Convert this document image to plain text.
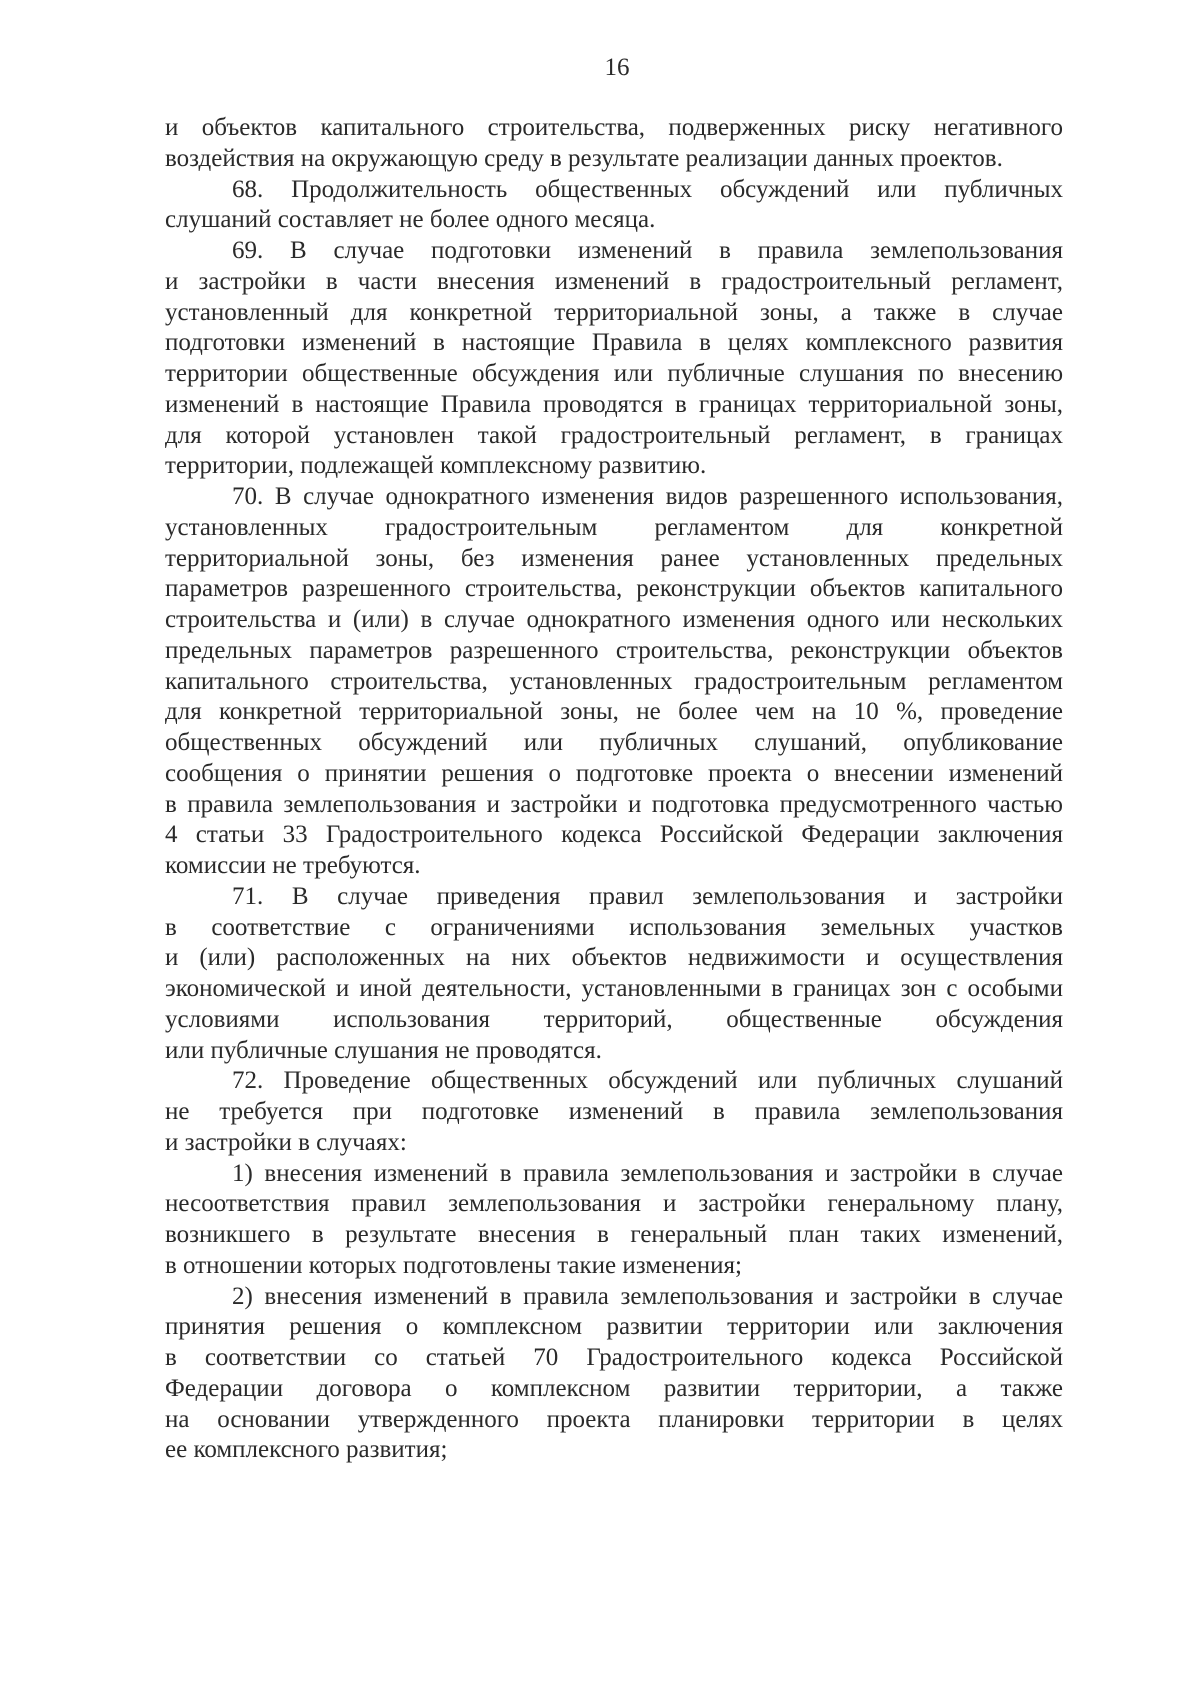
16
и объектов капитального строительства, подверженных риску негативного
воздействия на окружающую среду в результате реализации данных проектов.
68. Продолжительность общественных обсуждений или публичных
слушаний составляет не более одного месяца.
69. В случае подготовки изменений в правила землепользования
и застройки в части внесения изменений в градостроительный регламент,
установленный для конкретной территориальной зоны, а также в случае
подготовки изменений в настоящие Правила в целях комплексного развития
территории общественные обсуждения или публичные слушания по внесению
изменений в настоящие Правила проводятся в границах территориальной зоны,
для которой установлен такой градостроительный регламент, в границах
территории, подлежащей комплексному развитию.
70. В случае однократного изменения видов разрешенного использования,
установленных градостроительным регламентом для конкретной
территориальной зоны, без изменения ранее установленных предельных
параметров разрешенного строительства, реконструкции объектов капитального
строительства и (или) в случае однократного изменения одного или нескольких
предельных параметров разрешенного строительства, реконструкции объектов
капитального строительства, установленных градостроительным регламентом
для конкретной территориальной зоны, не более чем на 10 %, проведение
общественных обсуждений или публичных слушаний, опубликование
сообщения о принятии решения о подготовке проекта о внесении изменений
в правила землепользования и застройки и подготовка предусмотренного частью
4 статьи 33 Градостроительного кодекса Российской Федерации заключения
комиссии не требуются.
71. В случае приведения правил землепользования и застройки
в соответствие с ограничениями использования земельных участков
и (или) расположенных на них объектов недвижимости и осуществления
экономической и иной деятельности, установленными в границах зон с особыми
условиями использования территорий, общественные обсуждения
или публичные слушания не проводятся.
72. Проведение общественных обсуждений или публичных слушаний
не требуется при подготовке изменений в правила землепользования
и застройки в случаях:
1) внесения изменений в правила землепользования и застройки в случае
несоответствия правил землепользования и застройки генеральному плану,
возникшего в результате внесения в генеральный план таких изменений,
в отношении которых подготовлены такие изменения;
2) внесения изменений в правила землепользования и застройки в случае
принятия решения о комплексном развитии территории или заключения
в соответствии со статьей 70 Градостроительного кодекса Российской
Федерации договора о комплексном развитии территории, а также
на основании утвержденного проекта планировки территории в целях
ее комплексного развития;
